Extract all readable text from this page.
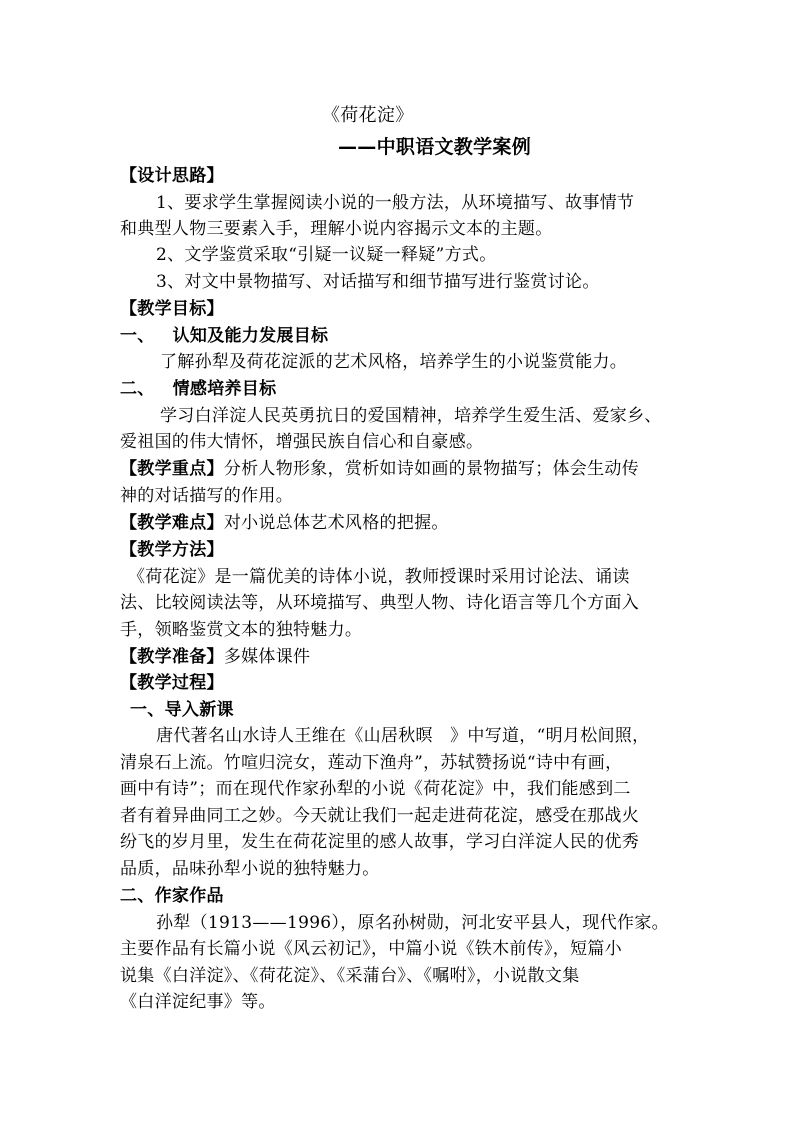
《荷花淀》
——中职语文教学案例
【设计思路】
1、要求学生掌握阅读小说的一般方法，从环境描写、故事情节
和典型人物三要素入手，理解小说内容揭示文本的主题。
2、文学鉴赏采取“引疑一议疑一释疑”方式。
3、对文中景物描写、对话描写和细节描写进行鉴赏讨论。
【教学目标】
一、 认知及能力发展目标
了解孙犁及荷花淀派的艺术风格，培养学生的小说鉴赏能力。
二、 情感培养目标
学习白洋淀人民英勇抗日的爱国精神，培养学生爱生活、爱家乡、
爱祖国的伟大情怀，增强民族自信心和自豪感。
【教学重点】分析人物形象，赏析如诗如画的景物描写；体会生动传
神的对话描写的作用。
【教学难点】对小说总体艺术风格的把握。
【教学方法】
《荷花淀》是一篇优美的诗体小说，教师授课时采用讨论法、诵读
法、比较阅读法等，从环境描写、典型人物、诗化语言等几个方面入
手，领略鉴赏文本的独特魅力。
【教学准备】多媒体课件
【教学过程】
一、导入新课
唐代著名山水诗人王维在《山居秋暝　》中写道，“明月松间照，
清泉石上流。竹喧归浣女，莲动下渔舟”，苏轼赞扬说“诗中有画，
画中有诗”；而在现代作家孙犁的小说《荷花淀》中，我们能感到二
者有着异曲同工之妙。今天就让我们一起走进荷花淀，感受在那战火
纷飞的岁月里，发生在荷花淀里的感人故事，学习白洋淀人民的优秀
品质，品味孙犁小说的独特魅力。
二、作家作品
孙犁（1913——1996），原名孙树勋，河北安平县人，现代作家。
主要作品有长篇小说《风云初记》，中篇小说《铁木前传》，短篇小
说集《白洋淀》、《荷花淀》、《采蒲台》、《嘱咐》，小说散文集
《白洋淀纪事》等。
